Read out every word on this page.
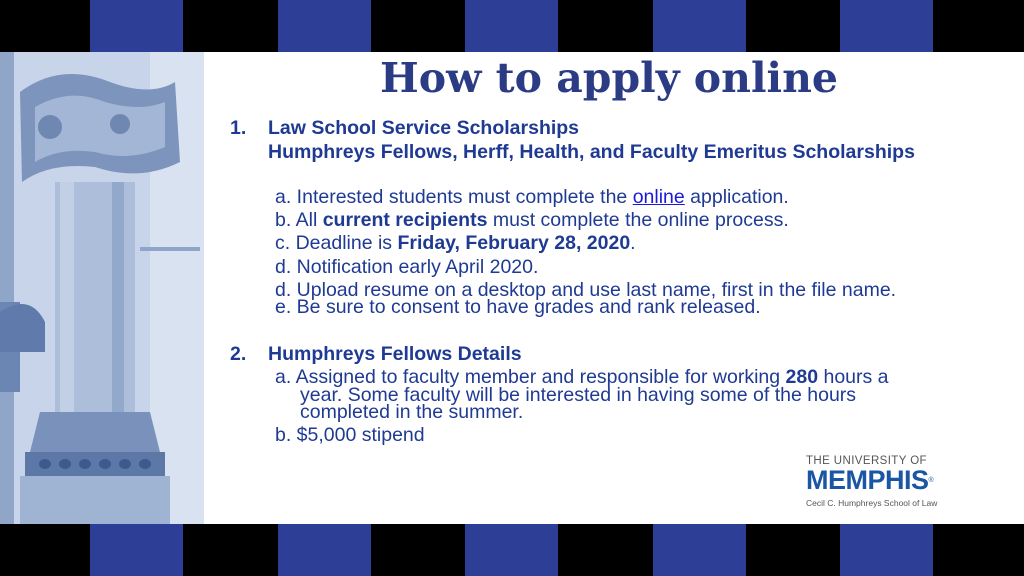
How to apply online
1. Law School Service Scholarships
Humphreys Fellows, Herff, Health, and Faculty Emeritus Scholarships
a. Interested students must complete the online application.
b. All current recipients must complete the online process.
c. Deadline is Friday, February 28, 2020.
d. Notification early April 2020.
d. Upload resume on a desktop and use last name, first in the file name.
e. Be sure to consent to have grades and rank released.
2. Humphreys Fellows Details
a. Assigned to faculty member and responsible for working 280 hours a
year. Some faculty will be interested in having some of the hours
completed in the summer.
b. $5,000 stipend
THE UNIVERSITY OF
MEMPHIS®
Cecil C. Humphreys School of Law
